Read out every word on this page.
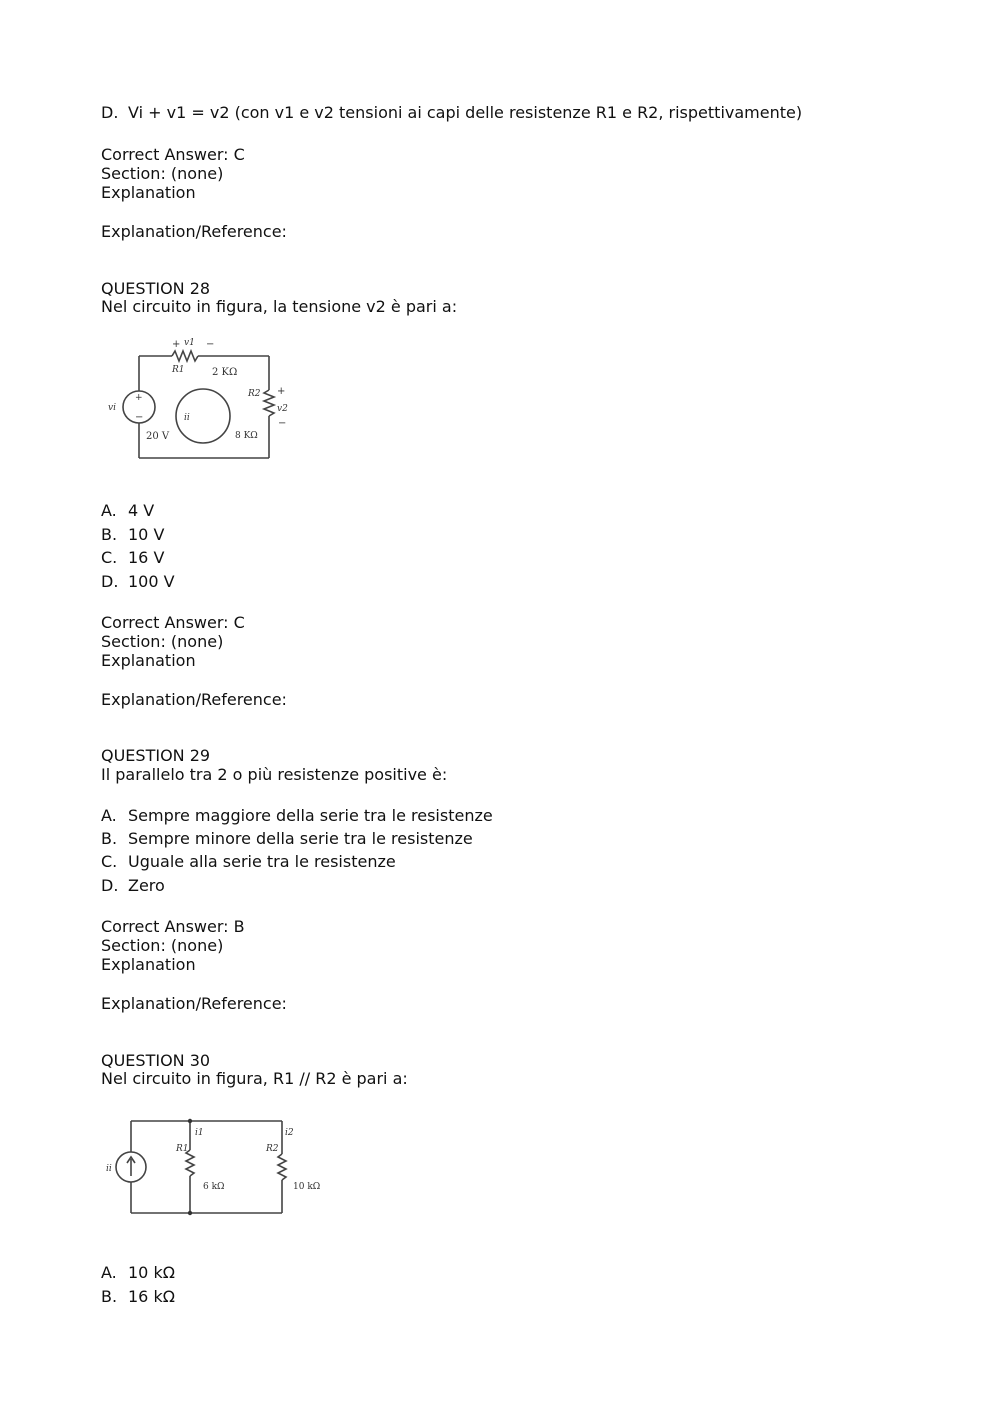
D. Vi + v1 = v2 (con v1 e v2 tensioni ai capi delle resistenze R1 e R2, rispettivamente)
Correct Answer: C
Section: (none)
Explanation
Explanation/Reference:
QUESTION 28
Nel circuito in figura, la tensione v2 è pari a:
+ v1 −
R1	2 KΩ
R2 +
v2
−
8 KΩ
vi
+
−
20 V
ii
A. 4 V
B. 10 V
C. 16 V
D. 100 V
Correct Answer: C
Section: (none)
Explanation
Explanation/Reference:
QUESTION 29
Il parallelo tra 2 o più resistenze positive è:
A. Sempre maggiore della serie tra le resistenze
B. Sempre minore della serie tra le resistenze
C. Uguale alla serie tra le resistenze
D. Zero
Correct Answer: B
Section: (none)
Explanation
Explanation/Reference:
QUESTION 30
Nel circuito in figura, R1 // R2 è pari a:
ii
i1	i2
R1	R2
6 kΩ	10 kΩ
A. 10 kΩ
B. 16 kΩ
